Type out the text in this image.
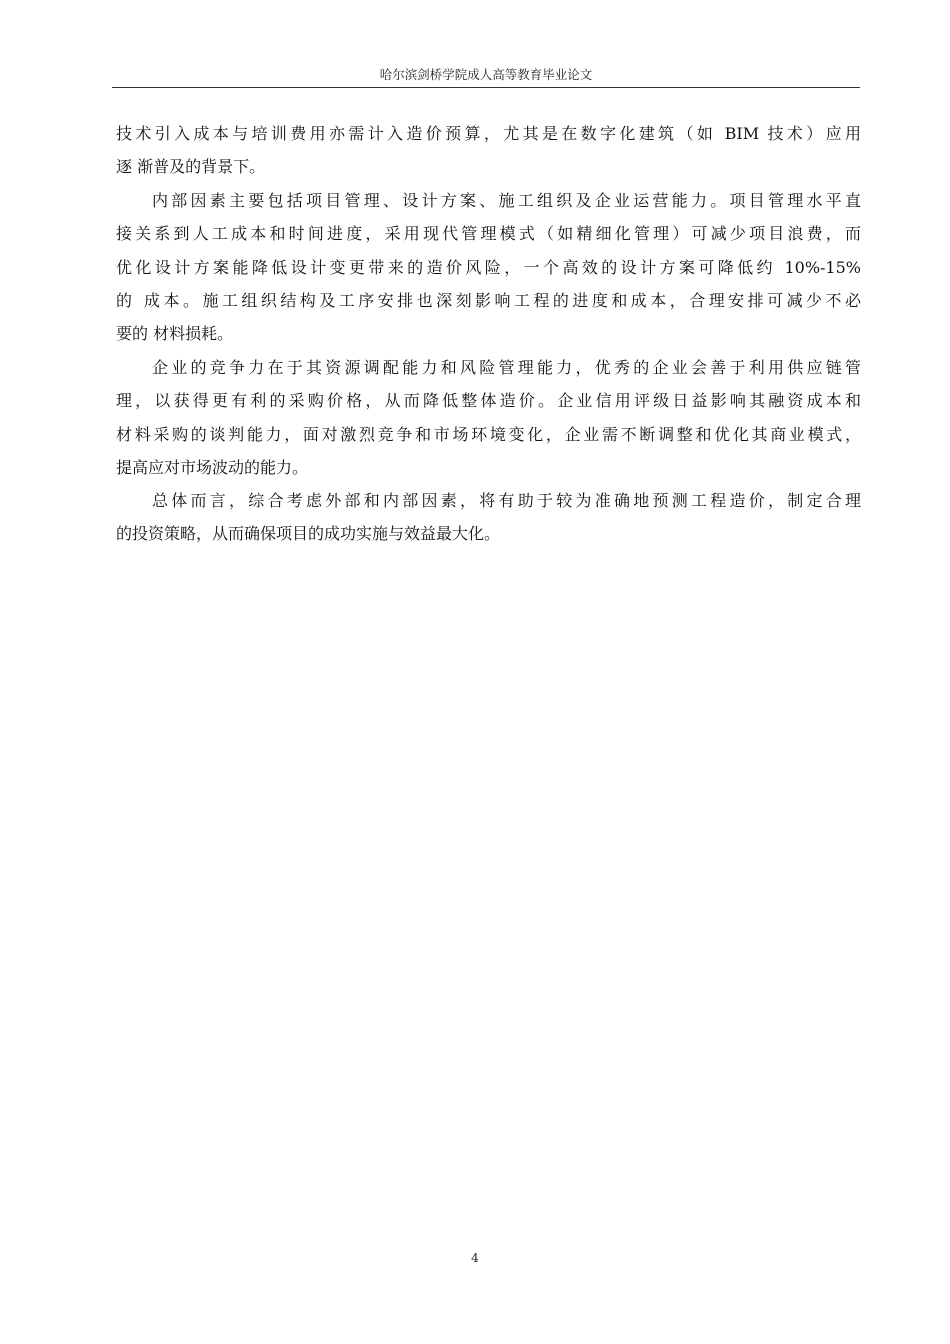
哈尔滨剑桥学院成人高等教育毕业论文
技术引入成本与培训费用亦需计入造价预算，尤其是在数字化建筑（如 BIM 技术）应用
逐 渐普及的背景下。
内部因素主要包括项目管理、设计方案、施工组织及企业运营能力。项目管理水平直
接关系到人工成本和时间进度，采用现代管理模式（如精细化管理）可减少项目浪费，而
优化设计方案能降低设计变更带来的造价风险，一个高效的设计方案可降低约 10%-15%
的 成本。施工组织结构及工序安排也深刻影响工程的进度和成本，合理安排可减少不必
要的 材料损耗。
企业的竞争力在于其资源调配能力和风险管理能力，优秀的企业会善于利用供应链管
理，以获得更有利的采购价格，从而降低整体造价。企业信用评级日益影响其融资成本和
材料采购的谈判能力，面对激烈竞争和市场环境变化，企业需不断调整和优化其商业模式，
提高应对市场波动的能力。
总体而言，综合考虑外部和内部因素，将有助于较为准确地预测工程造价，制定合理
的投资策略，从而确保项目的成功实施与效益最大化。
4
